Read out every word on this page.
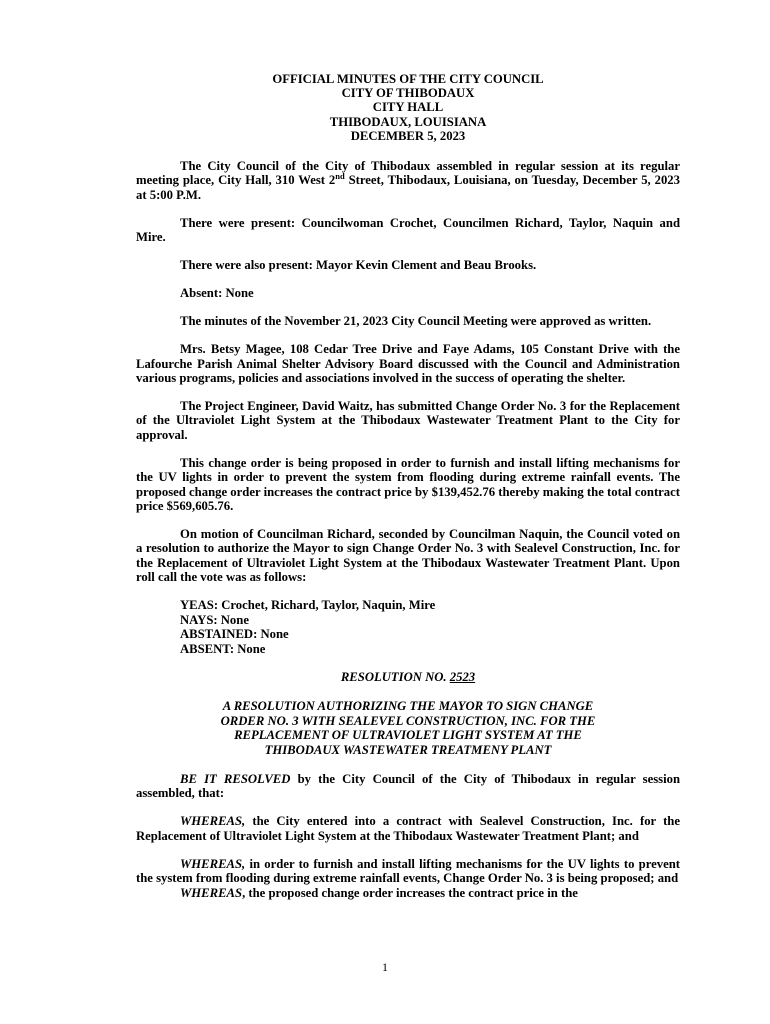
OFFICIAL MINUTES OF THE CITY COUNCIL
CITY OF THIBODAUX
CITY HALL
THIBODAUX, LOUISIANA
DECEMBER 5, 2023

The City Council of the City of Thibodaux assembled in regular session at its regular meeting place, City Hall, 310 West 2nd Street, Thibodaux, Louisiana, on Tuesday, December 5, 2023 at 5:00 P.M.

There were present: Councilwoman Crochet, Councilmen Richard, Taylor, Naquin and Mire.

There were also present: Mayor Kevin Clement and Beau Brooks.

Absent: None

The minutes of the November 21, 2023 City Council Meeting were approved as written.

Mrs. Betsy Magee, 108 Cedar Tree Drive and Faye Adams, 105 Constant Drive with the Lafourche Parish Animal Shelter Advisory Board discussed with the Council and Administration various programs, policies and associations involved in the success of operating the shelter.

The Project Engineer, David Waitz, has submitted Change Order No. 3 for the Replacement of the Ultraviolet Light System at the Thibodaux Wastewater Treatment Plant to the City for approval.

This change order is being proposed in order to furnish and install lifting mechanisms for the UV lights in order to prevent the system from flooding during extreme rainfall events. The proposed change order increases the contract price by $139,452.76 thereby making the total contract price $569,605.76.

On motion of Councilman Richard, seconded by Councilman Naquin, the Council voted on a resolution to authorize the Mayor to sign Change Order No. 3 with Sealevel Construction, Inc. for the Replacement of Ultraviolet Light System at the Thibodaux Wastewater Treatment Plant. Upon roll call the vote was as follows:

YEAS: Crochet, Richard, Taylor, Naquin, Mire
NAYS: None
ABSTAINED: None
ABSENT: None
RESOLUTION NO. 2523
A RESOLUTION AUTHORIZING THE MAYOR TO SIGN CHANGE
ORDER NO. 3 WITH SEALEVEL CONSTRUCTION, INC. FOR THE
REPLACEMENT OF ULTRAVIOLET LIGHT SYSTEM AT THE
THIBODAUX WASTEWATER TREATMENY PLANT

BE IT RESOLVED by the City Council of the City of Thibodaux in regular session assembled, that:

WHEREAS, the City entered into a contract with Sealevel Construction, Inc. for the Replacement of Ultraviolet Light System at the Thibodaux Wastewater Treatment Plant; and

WHEREAS, in order to furnish and install lifting mechanisms for the UV lights to prevent the system from flooding during extreme rainfall events, Change Order No. 3 is being proposed; and

WHEREAS, the proposed change order increases the contract price in the

1
